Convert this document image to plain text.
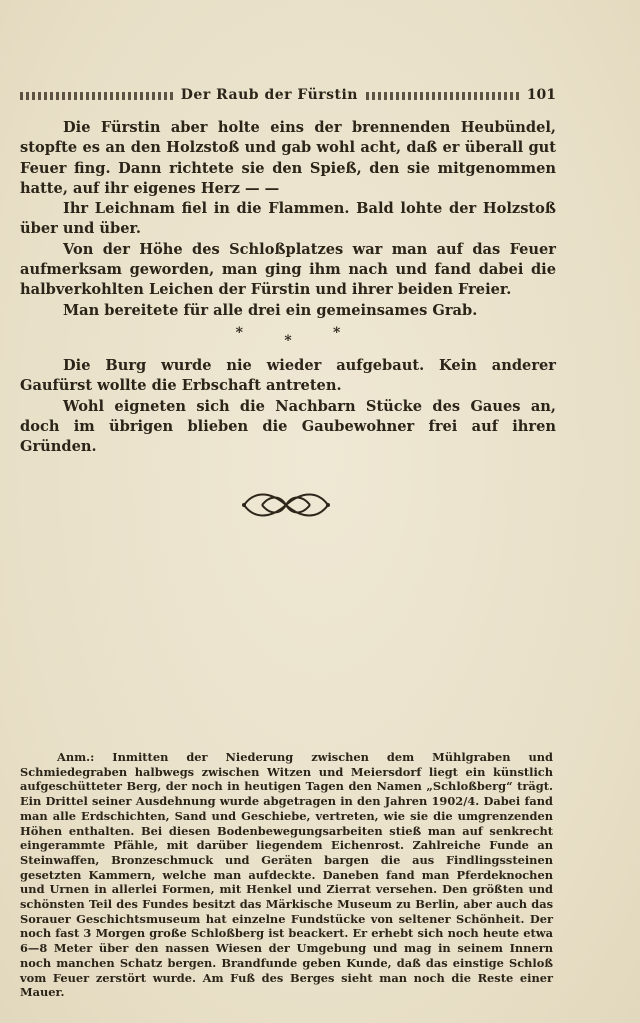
Der Raub der Fürstin	101

Die Fürstin aber holte eins der brennenden Heubündel, stopfte es an den Holzstoß und gab wohl acht, daß er überall gut Feuer fing. Dann richtete sie den Spieß, den sie mitgenommen hatte, auf ihr eigenes Herz — —

Ihr Leichnam fiel in die Flammen. Bald lohte der Holzstoß über und über.

Von der Höhe des Schloßplatzes war man auf das Feuer aufmerksam geworden, man ging ihm nach und fand dabei die halbverkohlten Leichen der Fürstin und ihrer beiden Freier.

Man bereitete für alle drei ein gemeinsames Grab.

*	*
*

Die Burg wurde nie wieder aufgebaut. Kein anderer Gaufürst wollte die Erbschaft antreten.

Wohl eigneten sich die Nachbarn Stücke des Gaues an, doch im übrigen blieben die Gaubewohner frei auf ihren Gründen.

Anm.: Inmitten der Niederung zwischen dem Mühlgraben und Schmiedegraben halbwegs zwischen Witzen und Meiersdorf liegt ein künstlich aufgeschütteter Berg, der noch in heutigen Tagen den Namen „Schloßberg“ trägt. Ein Drittel seiner Ausdehnung wurde abgetragen in den Jahren 1902/4. Dabei fand man alle Erdschichten, Sand und Geschiebe, vertreten, wie sie die umgrenzenden Höhen enthalten. Bei diesen Bodenbewegungsarbeiten stieß man auf senkrecht eingerammte Pfähle, mit darüber liegendem Eichenrost. Zahlreiche Funde an Steinwaffen, Bronzeschmuck und Geräten bargen die aus Findlingssteinen gesetzten Kammern, welche man aufdeckte. Daneben fand man Pferdeknochen und Urnen in allerlei Formen, mit Henkel und Zierrat versehen. Den größten und schönsten Teil des Fundes besitzt das Märkische Museum zu Berlin, aber auch das Sorauer Geschichtsmuseum hat einzelne Fundstücke von seltener Schönheit. Der noch fast 3 Morgen große Schloßberg ist beackert. Er erhebt sich noch heute etwa 6—8 Meter über den nassen Wiesen der Umgebung und mag in seinem Innern noch manchen Schatz bergen. Brandfunde geben Kunde, daß das einstige Schloß vom Feuer zerstört wurde. Am Fuß des Berges sieht man noch die Reste einer Mauer.
